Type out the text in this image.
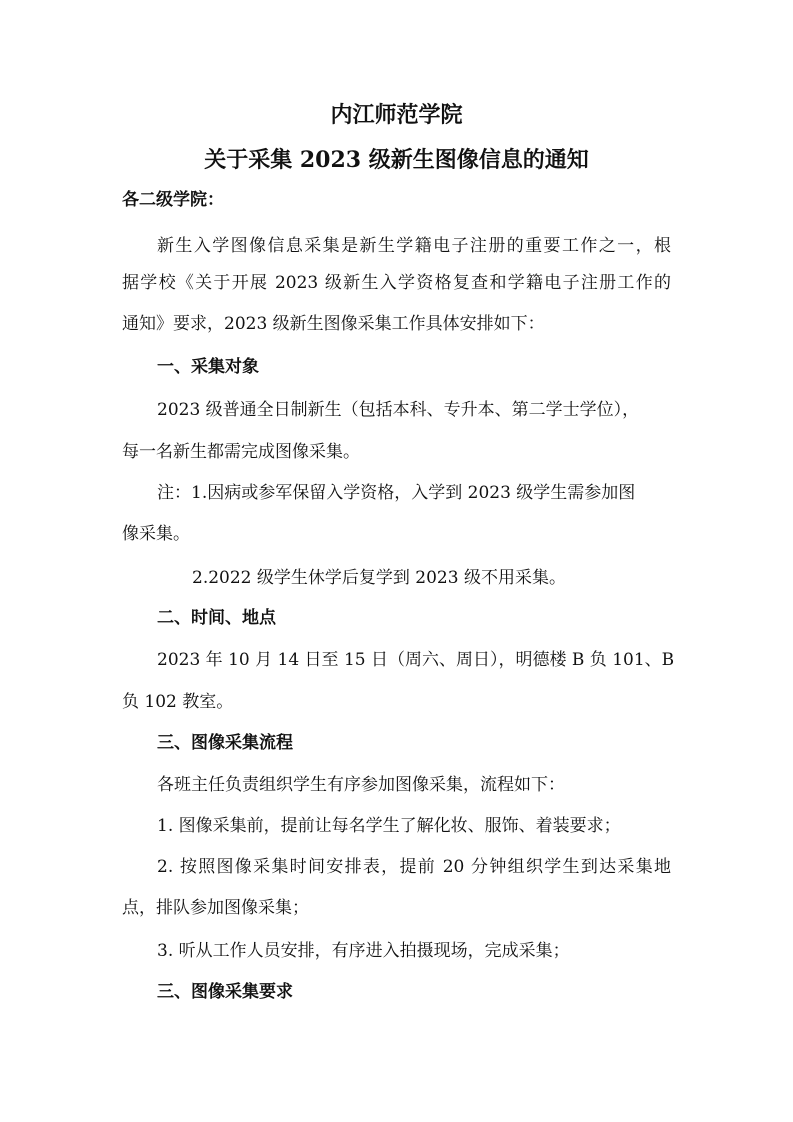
内江师范学院
关于采集 2023 级新生图像信息的通知
各二级学院：
新生入学图像信息采集是新生学籍电子注册的重要工作之一，根
据学校《关于开展 2023 级新生入学资格复查和学籍电子注册工作的
通知》要求，2023 级新生图像采集工作具体安排如下：
一、采集对象
2023 级普通全日制新生（包括本科、专升本、第二学士学位），
每一名新生都需完成图像采集。
注：1.因病或参军保留入学资格，入学到 2023 级学生需参加图
像采集。
2.2022 级学生休学后复学到 2023 级不用采集。
二、时间、地点
2023 年 10 月 14 日至 15 日（周六、周日），明德楼 B 负 101、B
负 102 教室。
三、图像采集流程
各班主任负责组织学生有序参加图像采集，流程如下：
1. 图像采集前，提前让每名学生了解化妆、服饰、着装要求；
2. 按照图像采集时间安排表，提前 20 分钟组织学生到达采集地
点，排队参加图像采集；
3. 听从工作人员安排，有序进入拍摄现场，完成采集；
三、图像采集要求
